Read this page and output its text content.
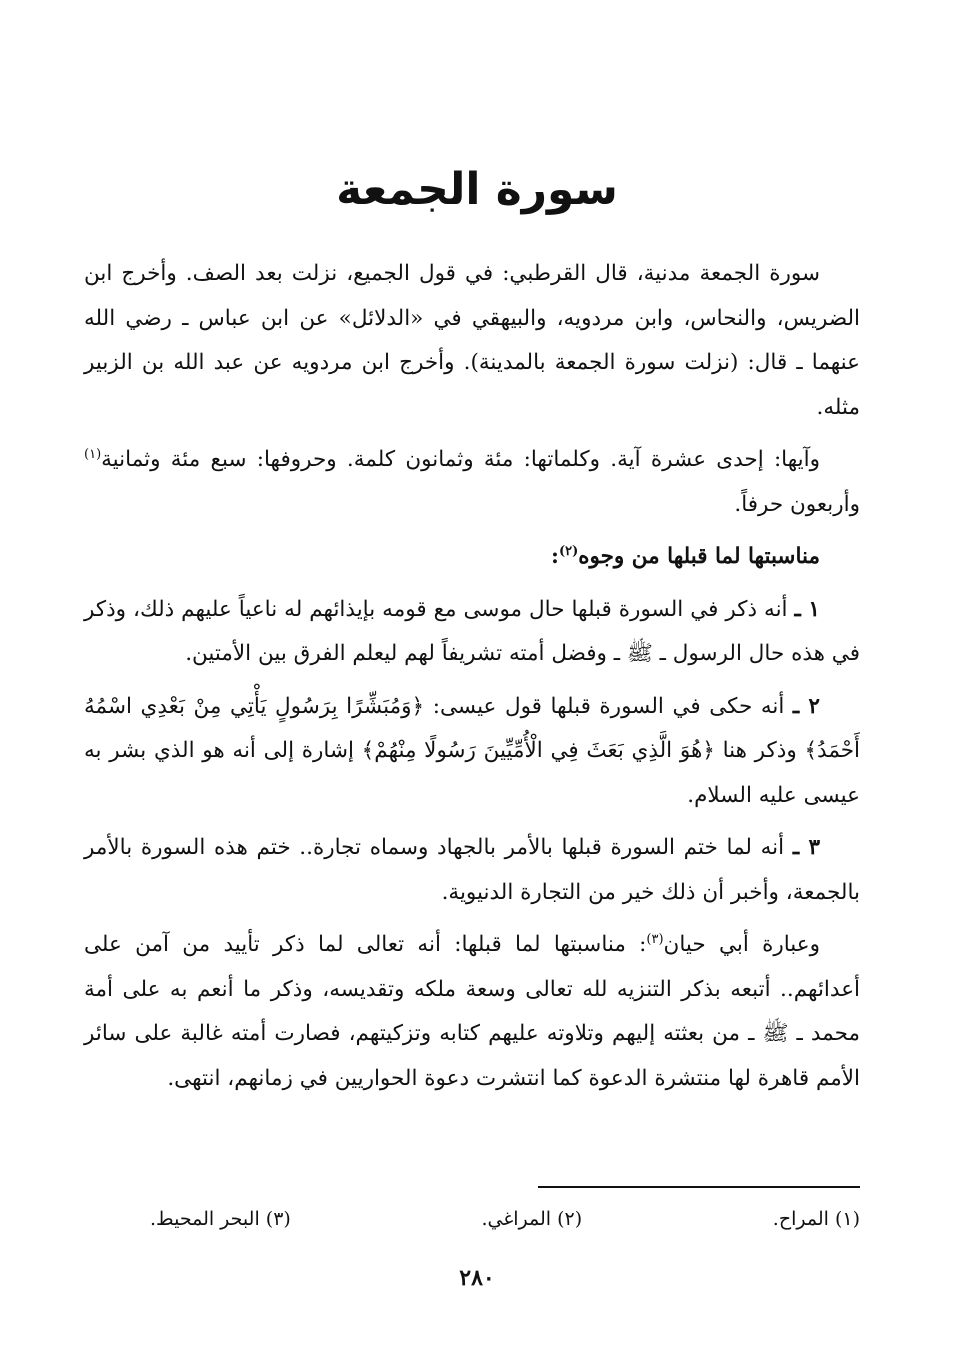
سورة الجمعة

سورة الجمعة مدنية، قال القرطبي: في قول الجميع، نزلت بعد الصف. وأخرج ابن الضريس، والنحاس، وابن مردويه، والبيهقي في «الدلائل» عن ابن عباس ـ رضي الله عنهما ـ قال: (نزلت سورة الجمعة بالمدينة). وأخرج ابن مردويه عن عبد الله بن الزبير مثله.

وآيها: إحدى عشرة آية. وكلماتها: مئة وثمانون كلمة. وحروفها: سبع مئة وثمانية$^{(١)}$ وأربعون حرفاً.

مناسبتها لما قبلها من وجوه$^{(٢)}$:

١ ـ أنه ذكر في السورة قبلها حال موسى مع قومه بإيذائهم له ناعياً عليهم ذلك، وذكر في هذه حال الرسول ـ ﷺ ـ وفضل أمته تشريفاً لهم ليعلم الفرق بين الأمتين.

٢ ـ أنه حكى في السورة قبلها قول عيسى: ﴿وَمُبَشِّرًا بِرَسُولٍ يَأْتِي مِنْ بَعْدِي اسْمُهُ أَحْمَدُ﴾ وذكر هنا ﴿هُوَ الَّذِي بَعَثَ فِي الْأُمِّيِّينَ رَسُولًا مِنْهُمْ﴾ إشارة إلى أنه هو الذي بشر به عيسى عليه السلام.

٣ ـ أنه لما ختم السورة قبلها بالأمر بالجهاد وسماه تجارة.. ختم هذه السورة بالأمر بالجمعة، وأخبر أن ذلك خير من التجارة الدنيوية.

وعبارة أبي حيان$^{(٣)}$: مناسبتها لما قبلها: أنه تعالى لما ذكر تأييد من آمن على أعدائهم.. أتبعه بذكر التنزيه لله تعالى وسعة ملكه وتقديسه، وذكر ما أنعم به على أمة محمد ـ ﷺ ـ من بعثته إليهم وتلاوته عليهم كتابه وتزكيتهم، فصارت أمته غالبة على سائر الأمم قاهرة لها منتشرة الدعوة كما انتشرت دعوة الحواريين في زمانهم، انتهى.

(١) المراح.
(٢) المراغي.
(٣) البحر المحيط.
٢٨٠
